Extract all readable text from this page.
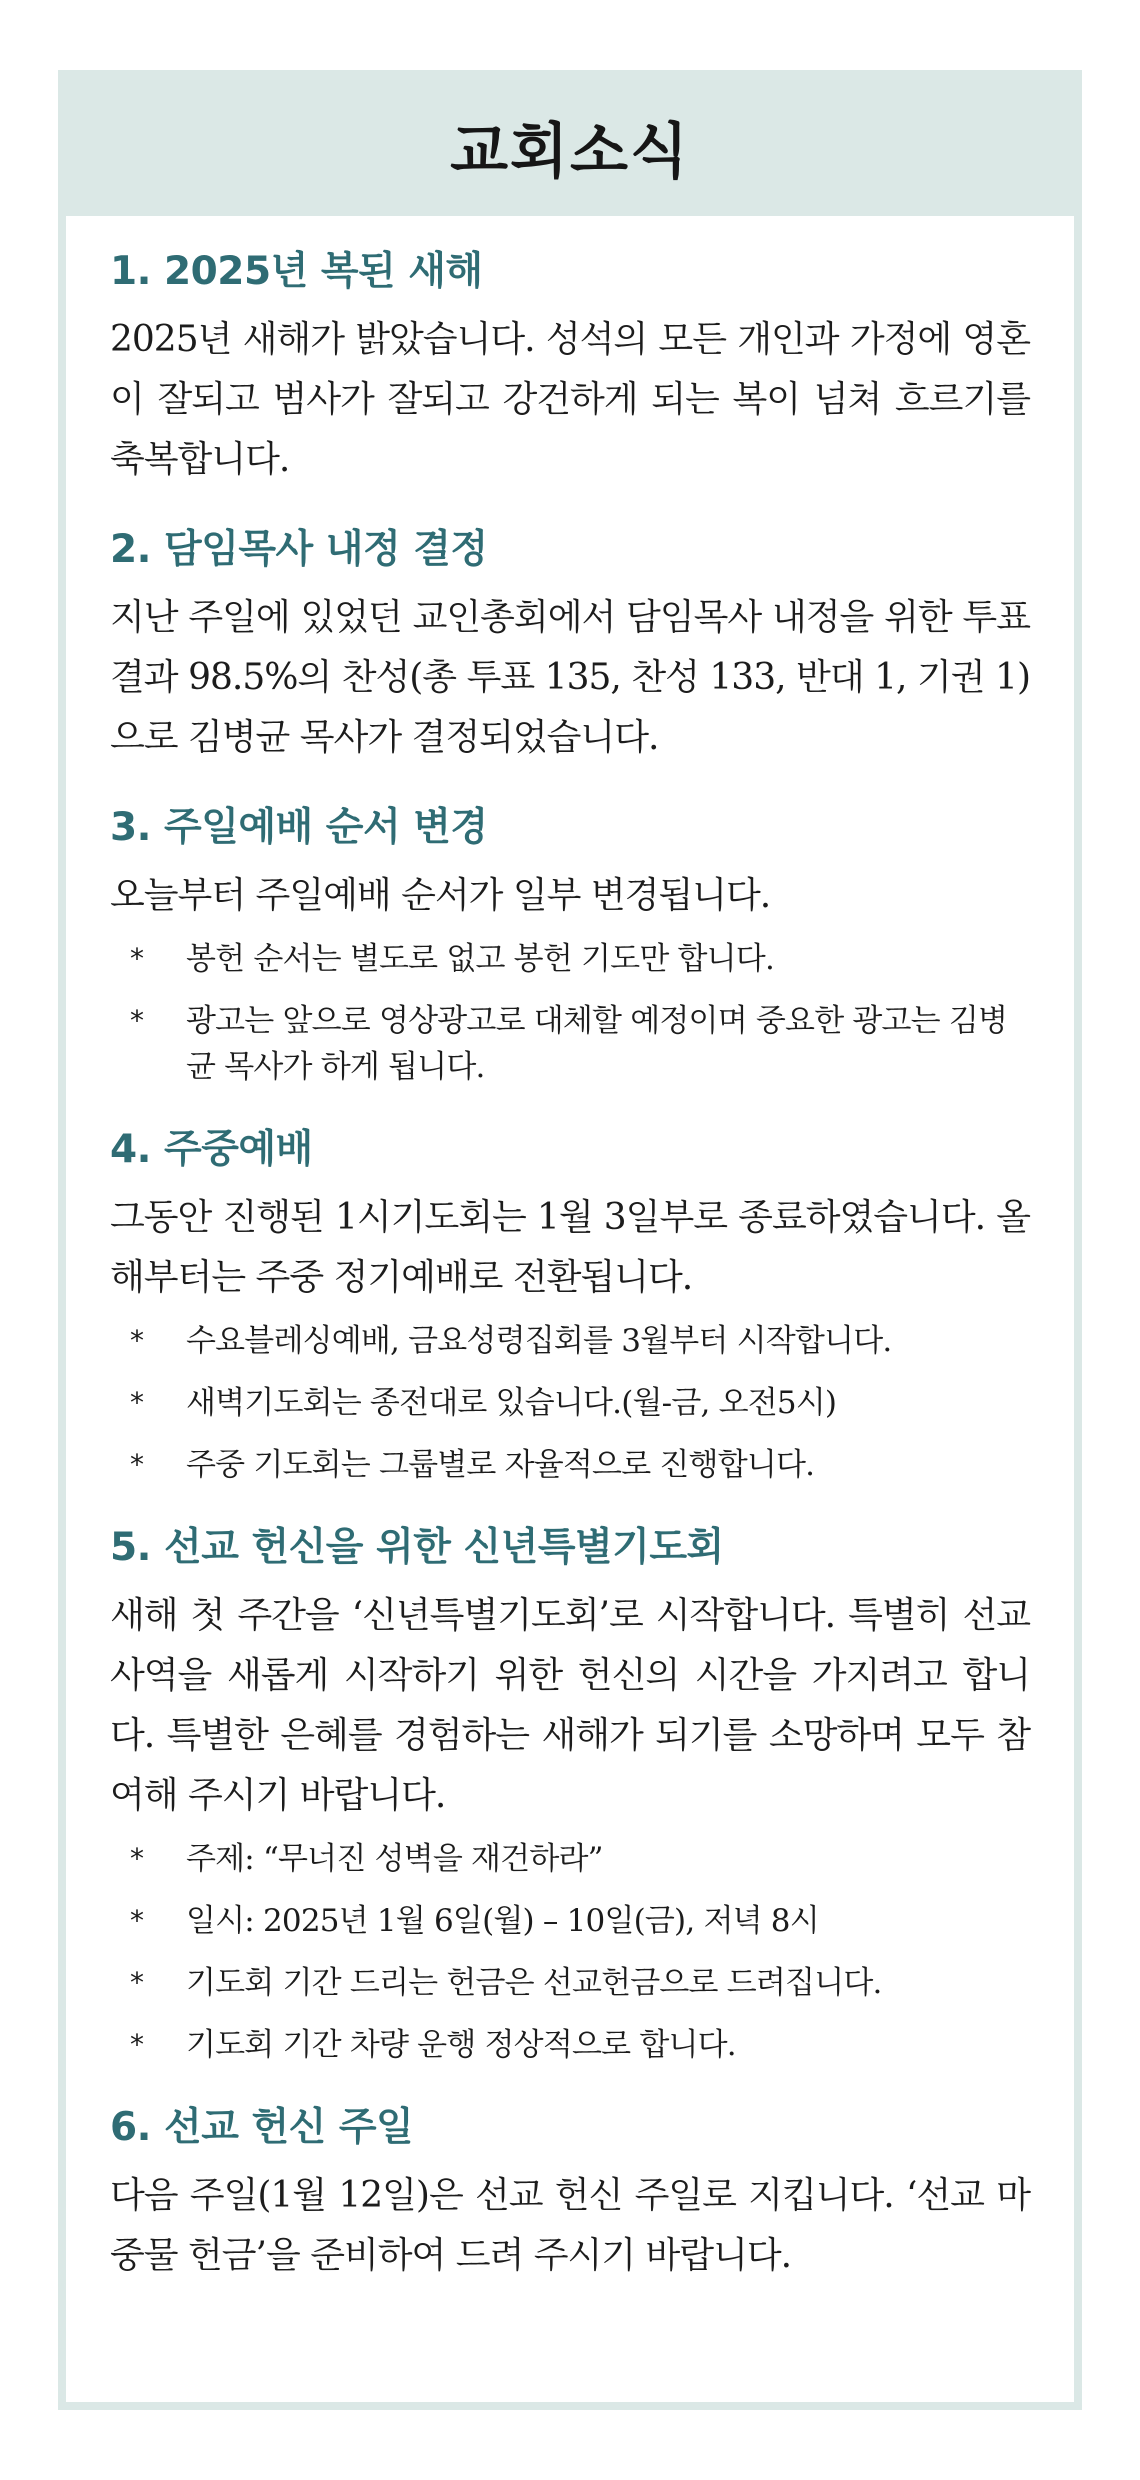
교회소식
1. 2025년 복된 새해

2025년 새해가 밝았습니다. 성석의 모든 개인과 가정에 영혼이 잘되고 범사가 잘되고 강건하게 되는 복이 넘쳐 흐르기를 축복합니다.

2. 담임목사 내정 결정

지난 주일에 있었던 교인총회에서 담임목사 내정을 위한 투표 결과 98.5%의 찬성(총 투표 135, 찬성 133, 반대 1, 기권 1)으로 김병균 목사가 결정되었습니다.

3. 주일예배 순서 변경

오늘부터 주일예배 순서가 일부 변경됩니다.

*	봉헌 순서는 별도로 없고 봉헌 기도만 합니다.
*	광고는 앞으로 영상광고로 대체할 예정이며 중요한 광고는 김병균 목사가 하게 됩니다.
4. 주중예배

그동안 진행된 1시기도회는 1월 3일부로 종료하였습니다. 올해부터는 주중 정기예배로 전환됩니다.

*	수요블레싱예배, 금요성령집회를 3월부터 시작합니다.
*	새벽기도회는 종전대로 있습니다.(월-금, 오전5시)
*	주중 기도회는 그룹별로 자율적으로 진행합니다.
5. 선교 헌신을 위한 신년특별기도회

새해 첫 주간을 ‘신년특별기도회’로 시작합니다. 특별히 선교 사역을 새롭게 시작하기 위한 헌신의 시간을 가지려고 합니다. 특별한 은혜를 경험하는 새해가 되기를 소망하며 모두 참여해 주시기 바랍니다.

*	주제: “무너진 성벽을 재건하라”
*	일시: 2025년 1월 6일(월) – 10일(금), 저녁 8시
*	기도회 기간 드리는 헌금은 선교헌금으로 드려집니다.
*	기도회 기간 차량 운행 정상적으로 합니다.
6. 선교 헌신 주일

다음 주일(1월 12일)은 선교 헌신 주일로 지킵니다. ‘선교 마중물 헌금’을 준비하여 드려 주시기 바랍니다.
